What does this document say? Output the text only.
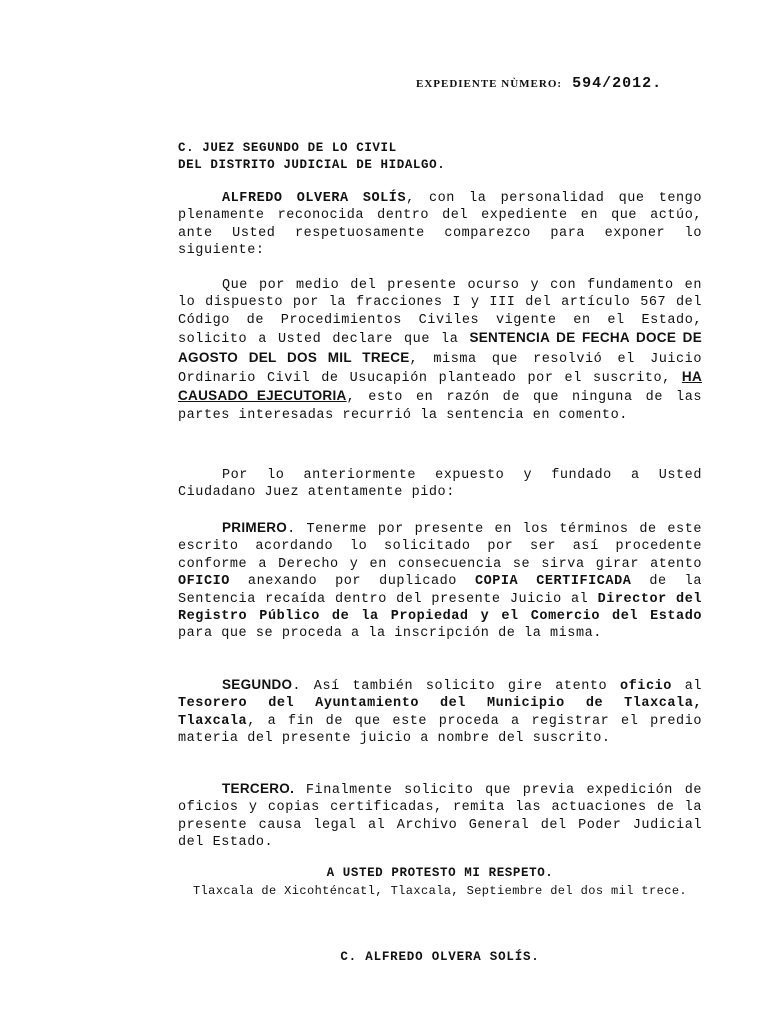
EXPEDIENTE NÙMERO: 594/2012.
C. JUEZ SEGUNDO DE LO CIVIL
DEL DISTRITO JUDICIAL DE HIDALGO.
ALFREDO OLVERA SOLÍS, con la personalidad que tengo plenamente reconocida dentro del expediente en que actúo, ante Usted respetuosamente comparezco para exponer lo siguiente:
Que por medio del presente ocurso y con fundamento en lo dispuesto por la fracciones I y III del artículo 567 del Código de Procedimientos Civiles vigente en el Estado, solicito a Usted declare que la SENTENCIA DE FECHA DOCE DE AGOSTO DEL DOS MIL TRECE, misma que resolvió el Juicio Ordinario Civil de Usucapión planteado por el suscrito, HA CAUSADO EJECUTORIA, esto en razón de que ninguna de las partes interesadas recurrió la sentencia en comento.
Por lo anteriormente expuesto y fundado a Usted Ciudadano Juez atentamente pido:
PRIMERO. Tenerme por presente en los términos de este escrito acordando lo solicitado por ser así procedente conforme a Derecho y en consecuencia se sirva girar atento OFICIO anexando por duplicado COPIA CERTIFICADA de la Sentencia recaída dentro del presente Juicio al Director del Registro Público de la Propiedad y el Comercio del Estado para que se proceda a la inscripción de la misma.
SEGUNDO. Así también solicito gire atento oficio al Tesorero del Ayuntamiento del Municipio de Tlaxcala, Tlaxcala, a fin de que este proceda a registrar el predio materia del presente juicio a nombre del suscrito.
TERCERO. Finalmente solicito que previa expedición de oficios y copias certificadas, remita las actuaciones de la presente causa legal al Archivo General del Poder Judicial del Estado.
A USTED PROTESTO MI RESPETO.
Tlaxcala de Xicohténcatl, Tlaxcala, Septiembre del dos mil trece.
C. ALFREDO OLVERA SOLÍS.
